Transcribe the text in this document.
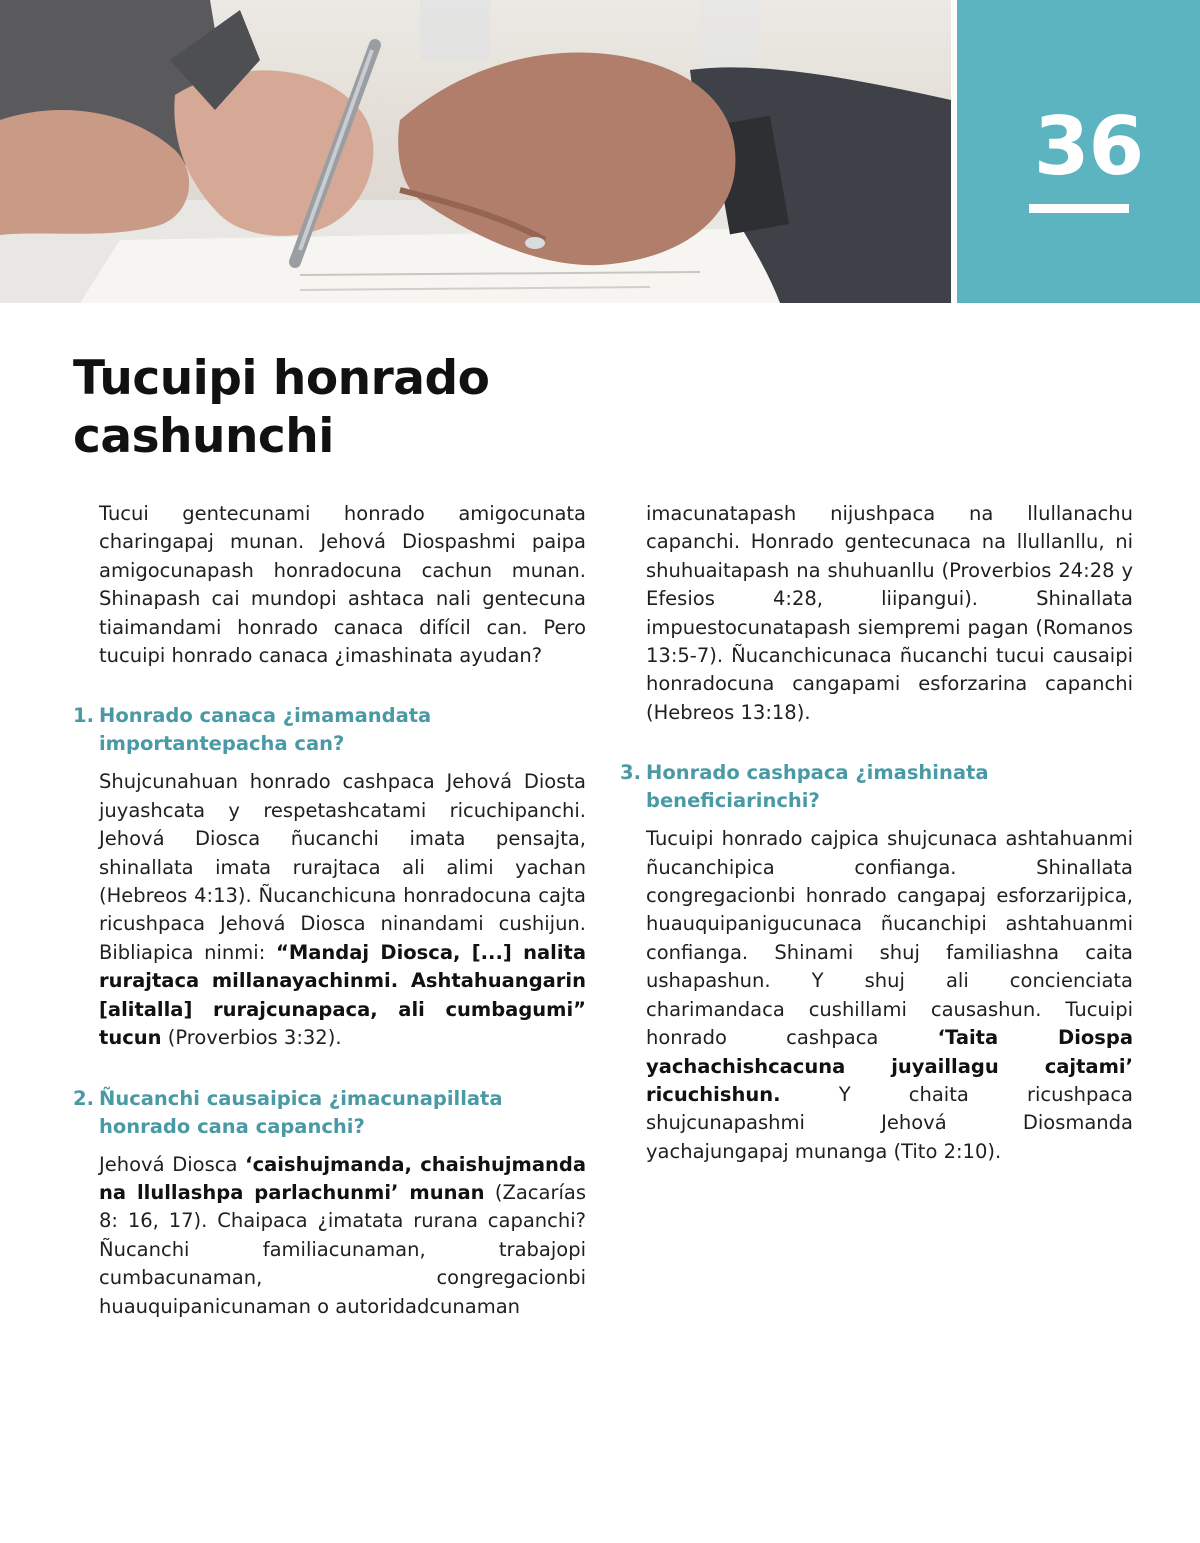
36
Tucuipi honrado
cashunchi

Tucui gentecunami honrado amigocunata charingapaj munan. Jehová Diospashmi paipa amigocunapash honradocuna cachun munan. Shinapash cai mundopi ashtaca nali gentecuna tiaimandami honrado canaca difícil can. Pero tucuipi honrado canaca ¿imashinata ayudan?

1. Honrado canaca ¿imamandata importantepacha can?

Shujcunahuan honrado cashpaca Jehová Diosta juyashcata y respetashcatami ricuchipanchi. Jehová Diosca ñucanchi imata pensajta, shinallata imata rurajtaca ali alimi yachan (Hebreos 4:13). Ñucanchicuna honradocuna cajta ricushpaca Jehová Diosca ninandami cushijun. Bibliapica ninmi: “Mandaj Diosca, [...] nalita rurajtaca millanayachinmi. Ashtahuangarin [alitalla] rurajcunapaca, ali cumbagumi” tucun (Proverbios 3:32).

2. Ñucanchi causaipica ¿imacunapillata honrado cana capanchi?

Jehová Diosca ‘caishujmanda, chaishujmanda na llullashpa parlachunmi’ munan (Zacarías 8: 16, 17). Chaipaca ¿imatata rurana capanchi? Ñucanchi familiacunaman, trabajopi cumbacunaman, congregacionbi huauquipanicunaman o autoridadcunaman

imacunatapash nijushpaca na llullanachu capanchi. Honrado gentecunaca na llullanllu, ni shuhuaitapash na shuhuanllu (Proverbios 24:28 y Efesios 4:28, liipangui). Shinallata impuestocunatapash siempremi pagan (Romanos 13:5-7). Ñucanchicunaca ñucanchi tucui causaipi honradocuna cangapami esforzarina capanchi (Hebreos 13:18).

3. Honrado cashpaca ¿imashinata beneficiarinchi?

Tucuipi honrado cajpica shujcunaca ashtahuanmi ñucanchipica confianga. Shinallata congregacionbi honrado cangapaj esforzarijpica, huauquipanigucunaca ñucanchipi ashtahuanmi confianga. Shinami shuj familiashna caita ushapashun. Y shuj ali concienciata charimandaca cushillami causashun. Tucuipi honrado cashpaca	‘Taita Diospa yachachishcacuna juyaillagu cajtami’ ricuchishun.	Y chaita ricushpaca shujcunapashmi Jehová Diosmanda yachajungapaj munanga (Tito 2:10).
